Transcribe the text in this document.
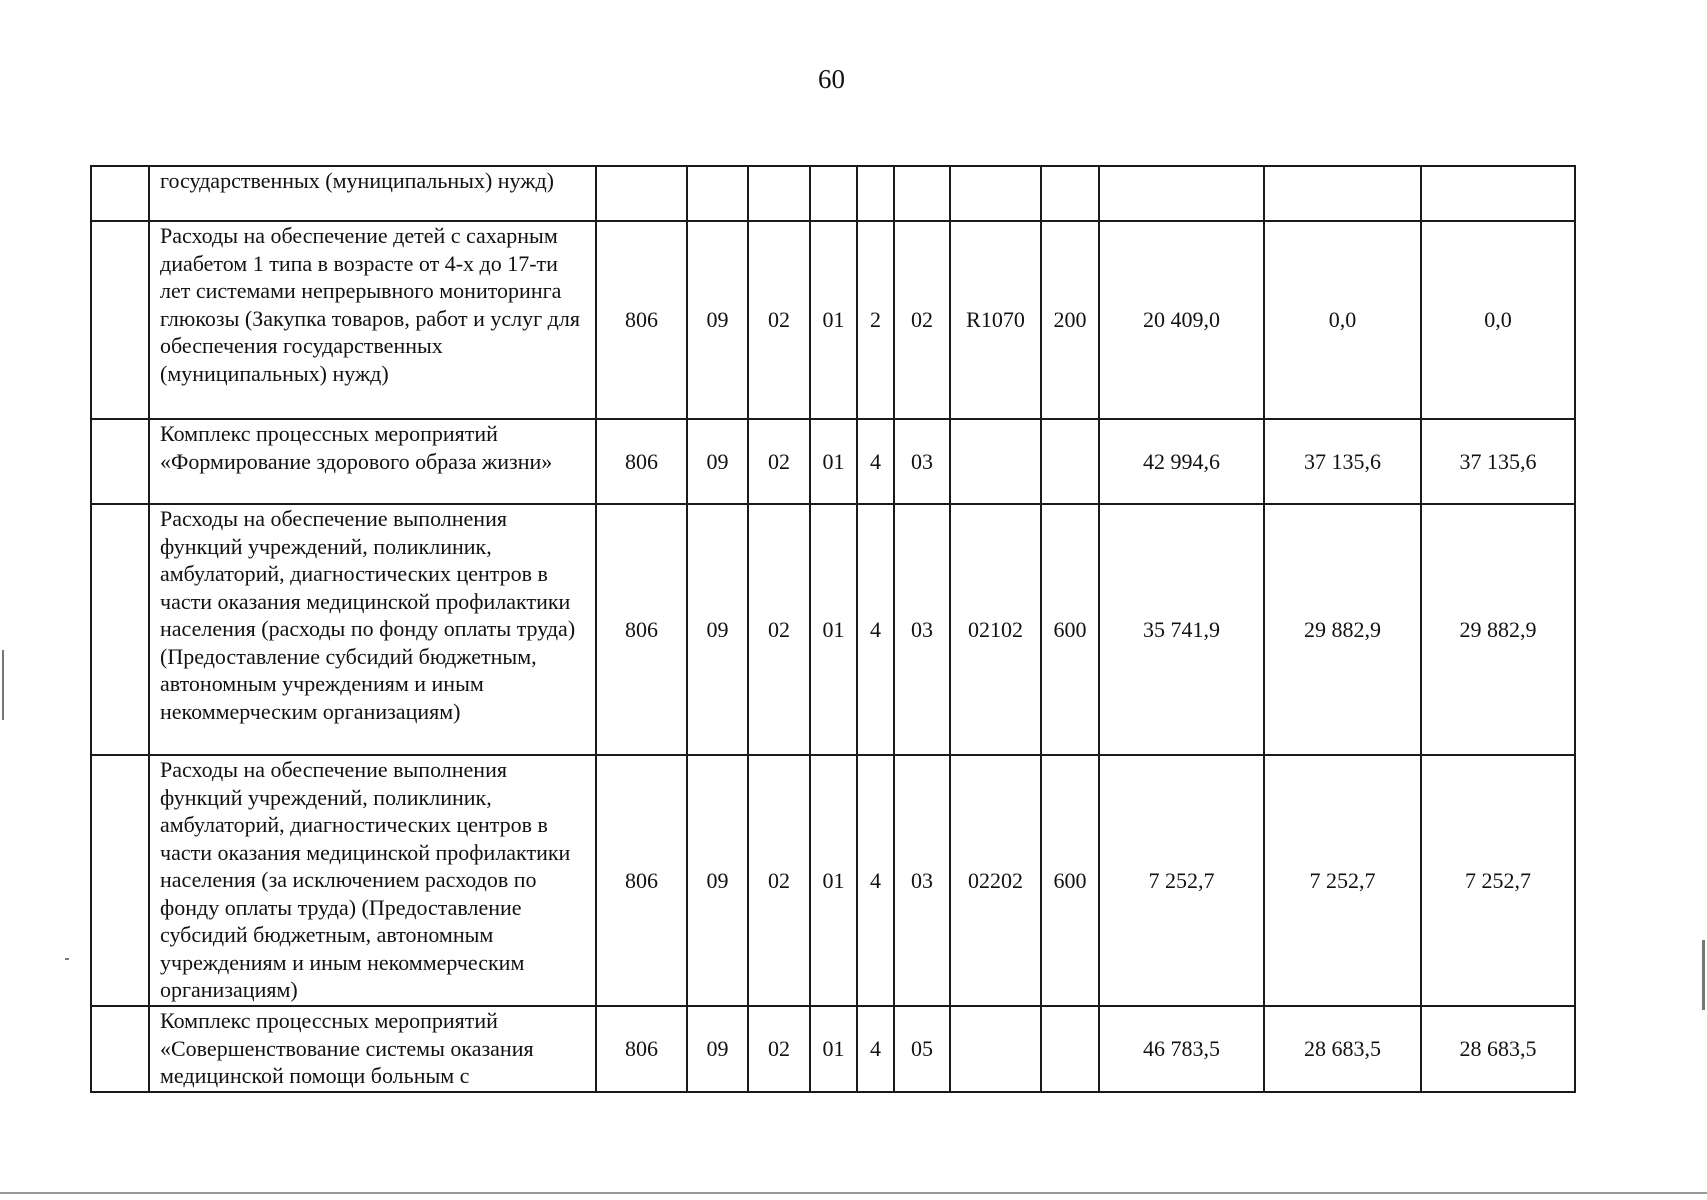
60
	государственных (муниципальных) нужд)											
	Расходы на обеспечение детей с сахарным диабетом 1 типа в возрасте от 4-х до 17-ти лет системами непрерывного мониторинга глюкозы (Закупка товаров, работ и услуг для обеспечения государственных (муниципальных) нужд)	806	09	02	01	2	02	R1070	200	20 409,0	0,0	0,0
	Комплекс процессных мероприятий «Формирование здорового образа жизни»	806	09	02	01	4	03			42 994,6	37 135,6	37 135,6
	Расходы на обеспечение выполнения функций учреждений, поликлиник, амбулаторий, диагностических центров в части оказания медицинской профилактики населения (расходы по фонду оплаты труда) (Предоставление субсидий бюджетным, автономным учреждениям и иным некоммерческим организациям)	806	09	02	01	4	03	02102	600	35 741,9	29 882,9	29 882,9
	Расходы на обеспечение выполнения функций учреждений, поликлиник, амбулаторий, диагностических центров в части оказания медицинской профилактики населения (за исключением расходов по фонду оплаты труда) (Предоставление субсидий бюджетным, автономным учреждениям и иным некоммерческим организациям)	806	09	02	01	4	03	02202	600	7 252,7	7 252,7	7 252,7
	Комплекс процессных мероприятий «Совершенствование системы оказания медицинской помощи больным с	806	09	02	01	4	05			46 783,5	28 683,5	28 683,5
